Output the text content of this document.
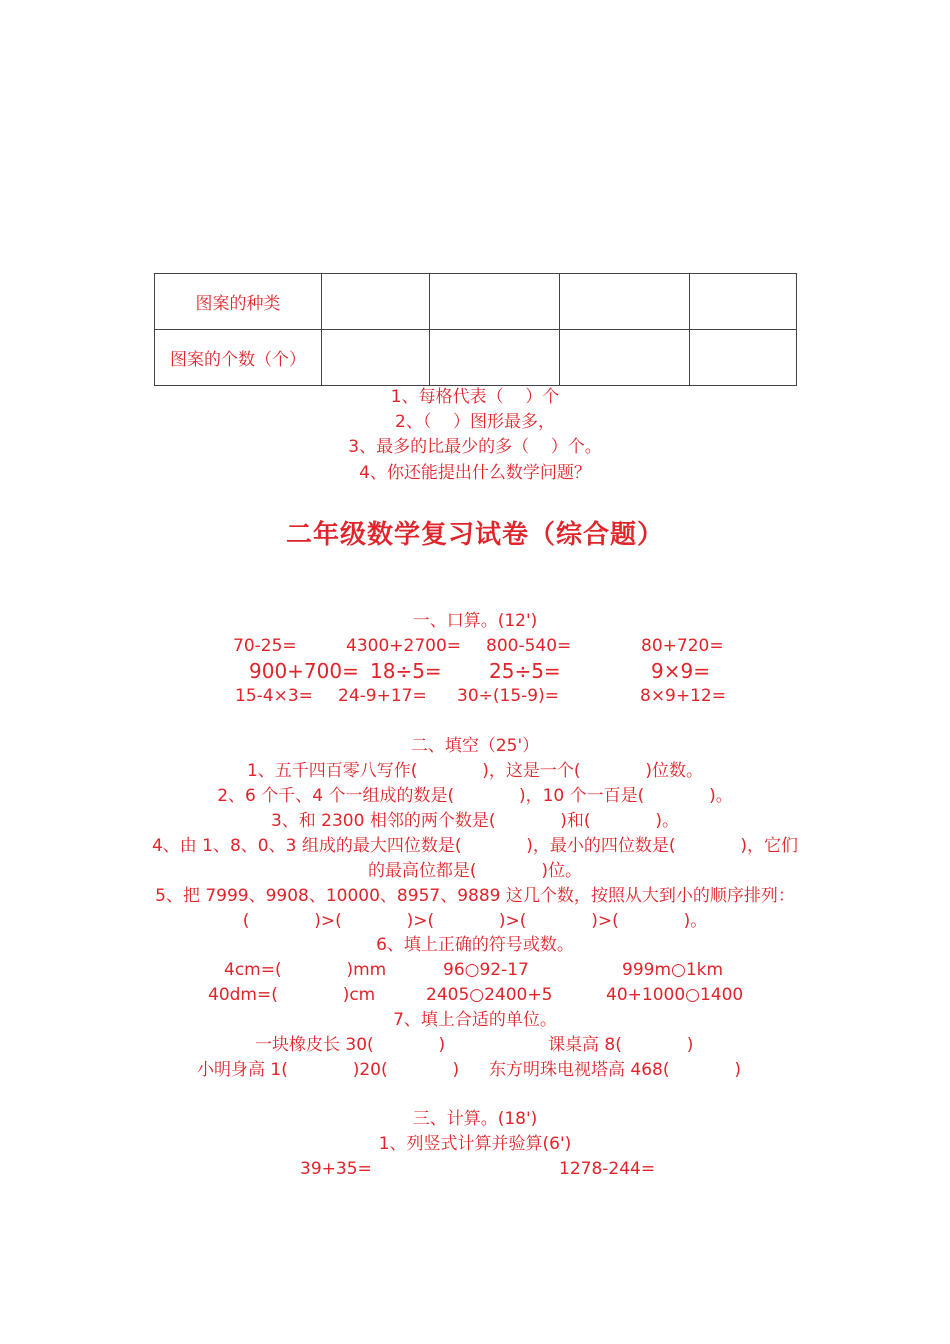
图案的种类				
图案的个数（个）				
1、每格代表（    ）个
2、（    ）图形最多，
3、最多的比最少的多（    ）个。
4、你还能提出什么数学问题？
二年级数学复习试卷（综合题）
一、口算。(12')
70-25=	4300+2700= 800-540=	80+720=
900+700= 18÷5= 25÷5=	9×9=
15-4×3= 24-9+17= 30÷(15-9)=	8×9+12=
二、填空（25'）
1、五千四百零八写作(            )，这是一个(            )位数。
2、6 个千、4 个一组成的数是(            )，10 个一百是(            )。
3、和 2300 相邻的两个数是(            )和(            )。
4、由 1、8、0、3 组成的最大四位数是(            )，最小的四位数是(            )，它们
的最高位都是(            )位。
5、把 7999、9908、10000、8957、9889 这几个数，按照从大到小的顺序排列：
(            )>(            )>(            )>(            )>(            )。
6、填上正确的符号或数。
4cm=(            )mm	96○92-17	999m○1km
40dm=(            )cm	2405○2400+5	40+1000○1400
7、填上合适的单位。
一块橡皮长 30(            )	课桌高 8(            )
小明身高 1(            )20(            ) 东方明珠电视塔高 468(            )
三、计算。(18')
1、列竖式计算并验算(6')
39+35=	1278-244=
